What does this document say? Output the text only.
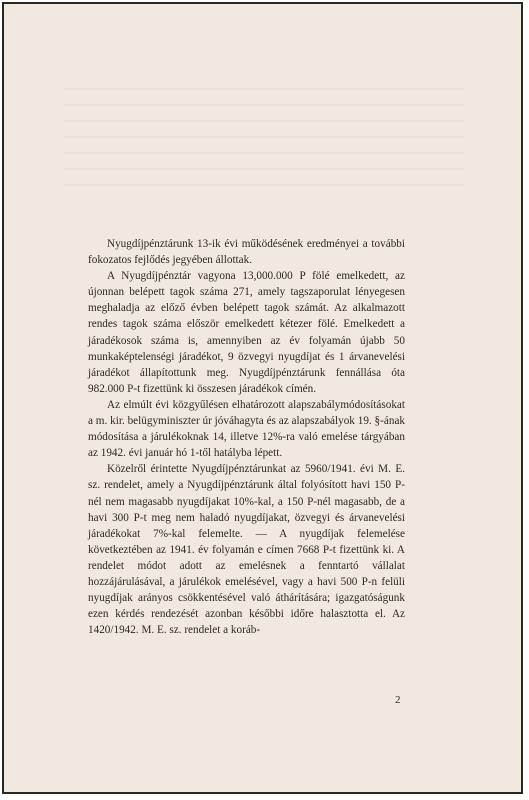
Nyugdíjpénztárunk 13-ik évi működésének eredményei a további fokozatos fejlődés jegyében állottak.

A Nyugdíjpénztár vagyona 13,000.000 P fölé emelkedett, az újonnan belépett tagok száma 271, amely tagszaporulat lényegesen meghaladja az előző évben belépett tagok számát. Az alkalmazott rendes tagok száma először emelkedett kétezer fölé. Emelkedett a járadékosok száma is, amennyiben az év folyamán újabb 50 munkaképtelenségi járadékot, 9 özvegyi nyugdíjat és 1 árvanevelési járadékot állapítottunk meg. Nyugdíjpénztárunk fennállása óta 982.000 P-t fizettünk ki összesen járadékok címén.

Az elmúlt évi közgyűlésen elhatározott alapszabálymódosításokat a m. kir. belügyminiszter úr jóváhagyta és az alapszabályok 19. §-ának módosítása a járulékoknak 14, illetve 12%-ra való emelése tárgyában az 1942. évi január hó 1-től hatályba lépett.

Közelről érintette Nyugdíjpénztárunkat az 5960/1941. évi M. E. sz. rendelet, amely a Nyugdíjpénztárunk által folyósított havi 150 P-nél nem magasabb nyugdíjakat 10%-kal, a 150 P-nél magasabb, de a havi 300 P-t meg nem haladó nyugdíjakat, özvegyi és árvanevelési járadékokat 7%-kal felemelte. — A nyugdíjak felemelése következtében az 1941. év folyamán e címen 7668 P-t fizettünk ki. A rendelet módot adott az emelésnek a fenntartó vállalat hozzájárulásával, a járulékok emelésével, vagy a havi 500 P-n felüli nyugdíjak arányos csökkentésével való áthárítására; igazgatóságunk ezen kérdés rendezését azonban későbbi időre halasztotta el. Az 1420/1942. M. E. sz. rendelet a koráb-

2
